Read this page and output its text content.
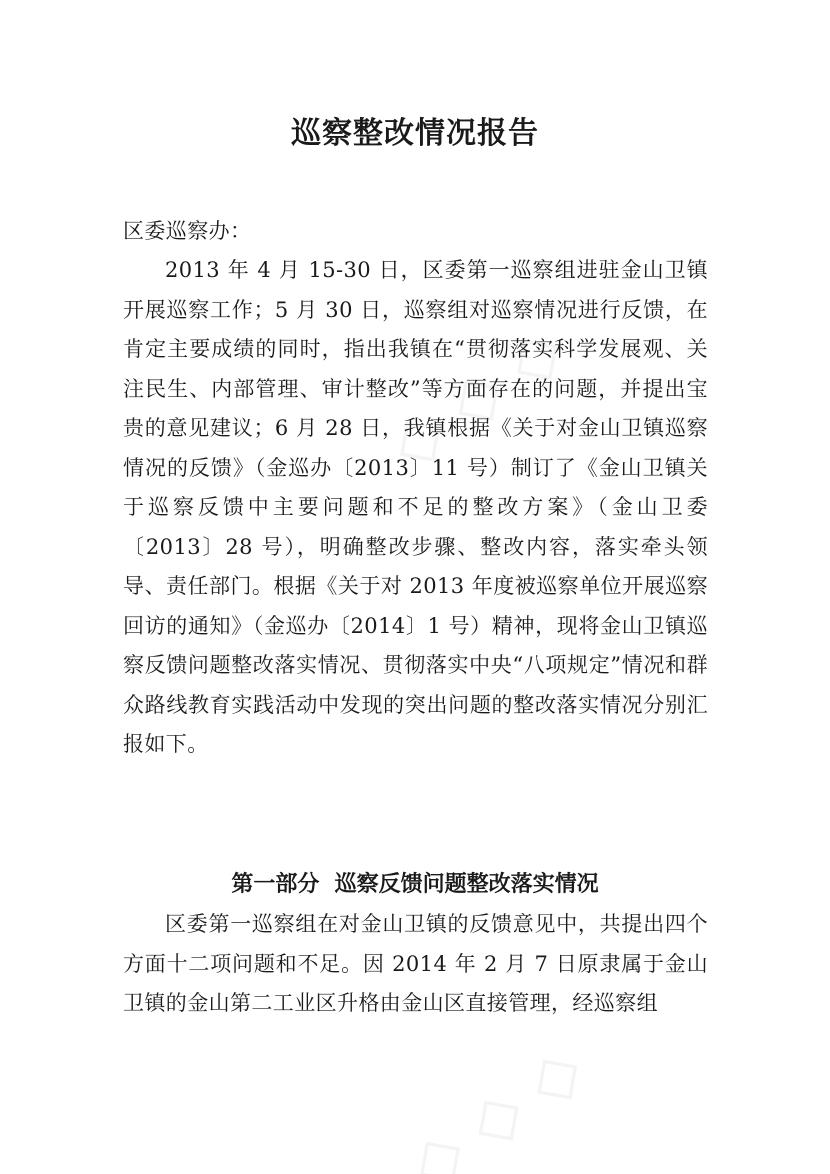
巡察整改情况报告

区委巡察办：

2013 年 4 月 15-30 日，区委第一巡察组进驻金山卫镇开展巡察工作；5 月 30 日，巡察组对巡察情况进行反馈，在肯定主要成绩的同时，指出我镇在“贯彻落实科学发展观、关注民生、内部管理、审计整改”等方面存在的问题，并提出宝贵的意见建议；6 月 28 日，我镇根据《关于对金山卫镇巡察情况的反馈》（金巡办〔2013〕11 号）制订了《金山卫镇关于巡察反馈中主要问题和不足的整改方案》（金山卫委〔2013〕28 号），明确整改步骤、整改内容，落实牵头领导、责任部门。根据《关于对 2013 年度被巡察单位开展巡察回访的通知》（金巡办〔2014〕1 号）精神，现将金山卫镇巡察反馈问题整改落实情况、贯彻落实中央“八项规定”情况和群众路线教育实践活动中发现的突出问题的整改落实情况分别汇报如下。

第一部分  巡察反馈问题整改落实情况

区委第一巡察组在对金山卫镇的反馈意见中，共提出四个方面十二项问题和不足。因 2014 年 2 月 7 日原隶属于金山卫镇的金山第二工业区升格由金山区直接管理，经巡察组
